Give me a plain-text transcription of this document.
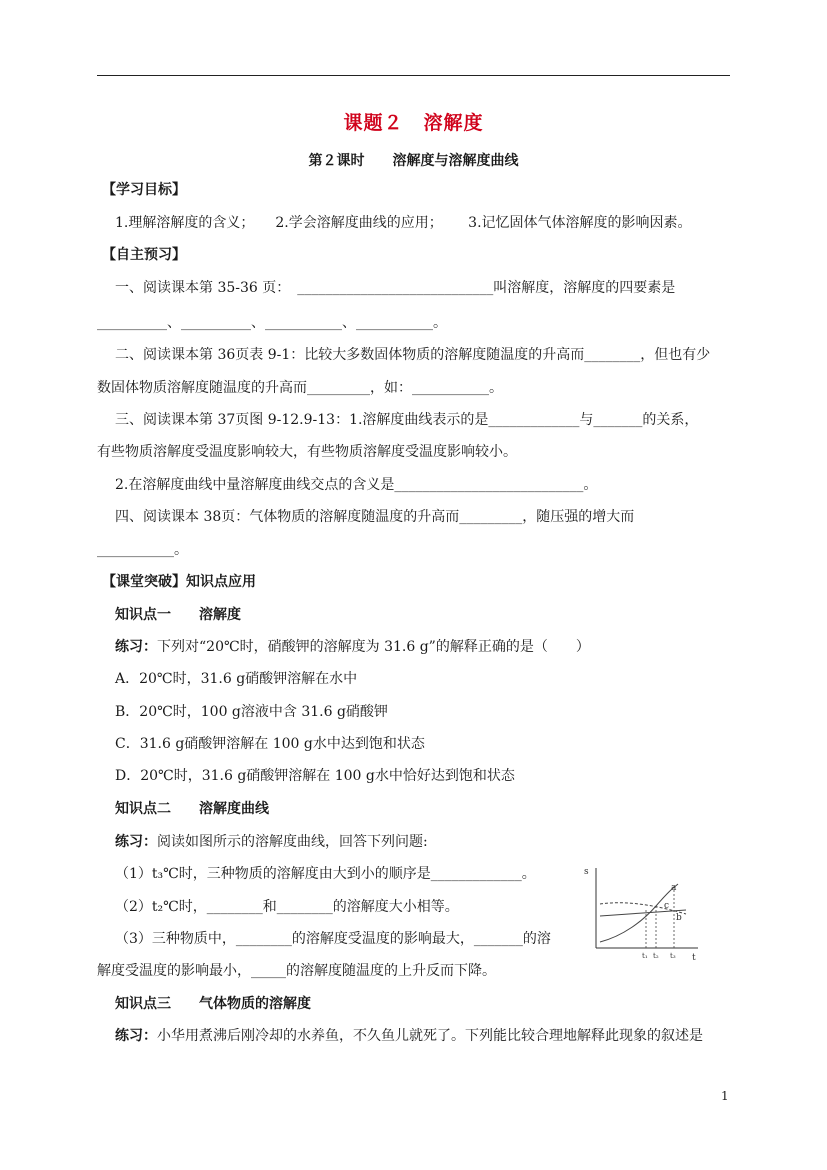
课题２　溶解度
第２课时　　溶解度与溶解度曲线
【学习目标】
1.理解溶解度的含义；　　2.学会溶解度曲线的应用；　　 3.记忆固体气体溶解度的影响因素。
【自主预习】
一、阅读课本第 35-36 页：　____________________________叫溶解度，溶解度的四要素是
__________、__________、___________、___________。
二、阅读课本第 36页表 9-1：比较大多数固体物质的溶解度随温度的升高而________，但也有少
数固体物质溶解度随温度的升高而_________，如：___________。
三、阅读课本第 37页图 9-12.9-13：1.溶解度曲线表示的是_____________与_______的关系，
有些物质溶解度受温度影响较大，有些物质溶解度受温度影响较小。
2.在溶解度曲线中量溶解度曲线交点的含义是___________________________。
四、阅读课本 38页：气体物质的溶解度随温度的升高而_________，随压强的增大而
___________。
【课堂突破】知识点应用
知识点一　　溶解度
练习：下列对“20℃时，硝酸钾的溶解度为 31.6 g”的解释正确的是（　　）
A．20℃时，31.6 g硝酸钾溶解在水中
B．20℃时，100 g溶液中含 31.6 g硝酸钾
C．31.6 g硝酸钾溶解在 100 g水中达到饱和状态
D．20℃时，31.6 g硝酸钾溶解在 100 g水中恰好达到饱和状态
知识点二　　溶解度曲线
练习：阅读如图所示的溶解度曲线，回答下列问题:
（1）t₃℃时，三种物质的溶解度由大到小的顺序是_____________。
（2）t₂℃时，________和________的溶解度大小相等。
（3）三种物质中，________的溶解度受温度的影响最大，_______的溶
解度受温度的影响最小，_____的溶解度随温度的上升反而下降。
s
t
t₁ t₂ t₃
a
c
b
知识点三　　气体物质的溶解度
练习：小华用煮沸后刚冷却的水养鱼，不久鱼儿就死了。下列能比较合理地解释此现象的叙述是
1
